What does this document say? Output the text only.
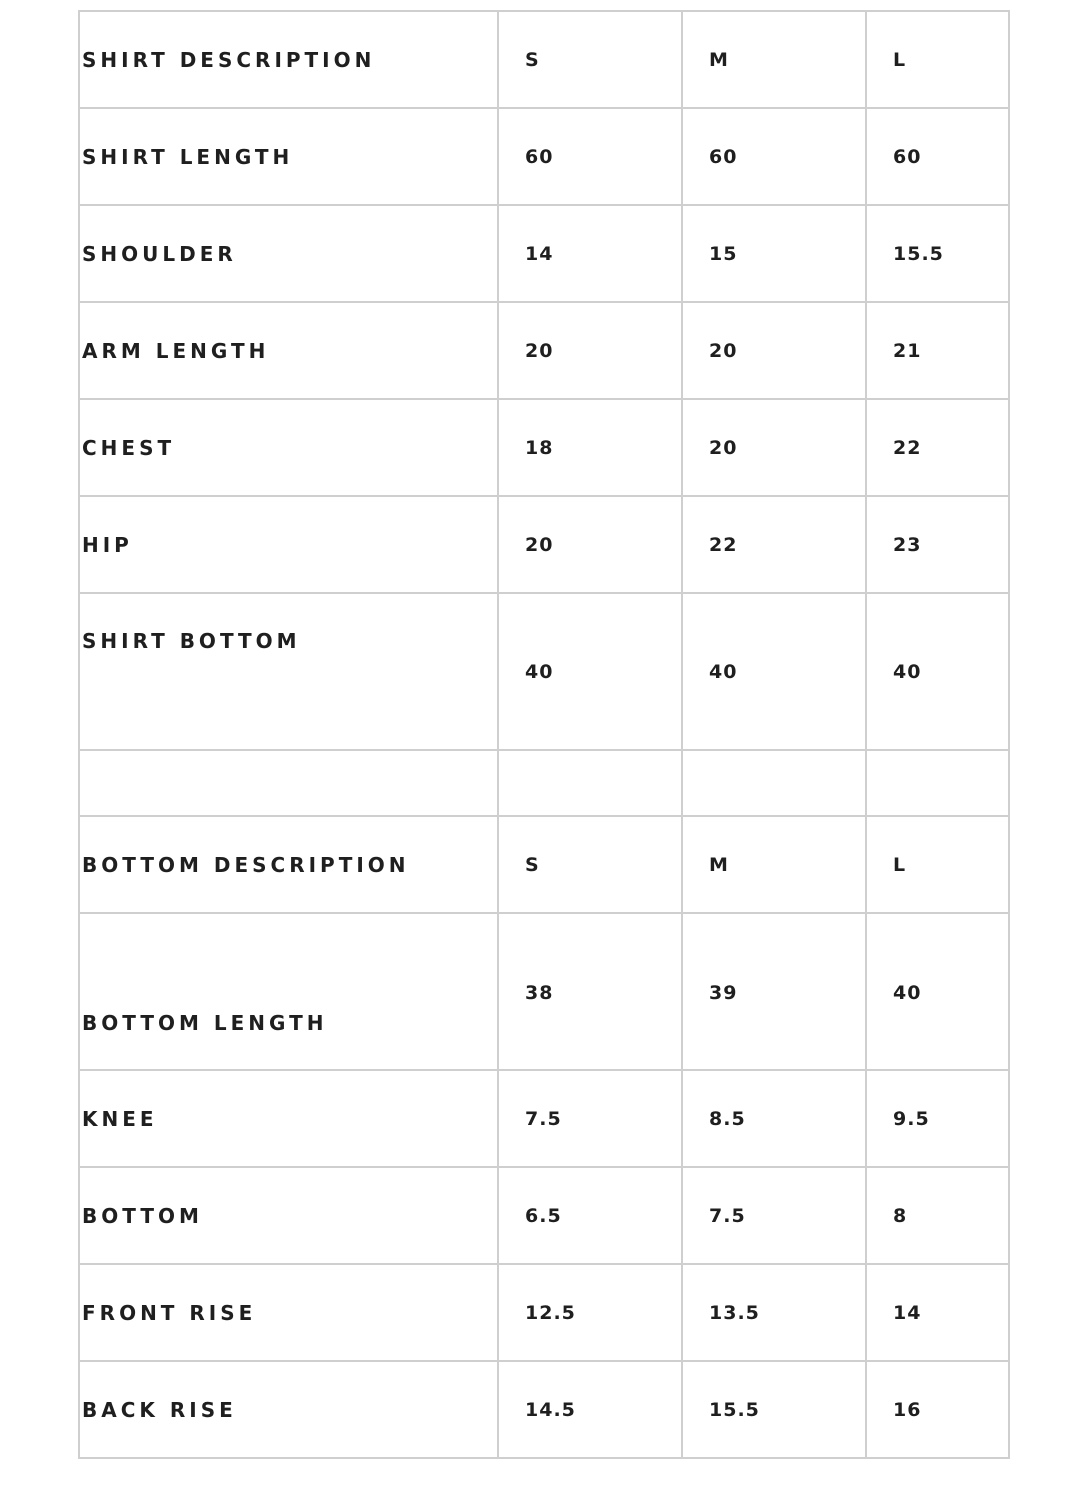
SHIRT DESCRIPTION	S	M	L

SHIRT LENGTH	60	60	60

SHOULDER	14	15	15.5

ARM LENGTH	20	20	21

CHEST	18	20	22

HIP	20	22	23

SHIRT BOTTOM	40	40	40

BOTTOM DESCRIPTION	S	M	L

BOTTOM LENGTH	38	39	40

KNEE	7.5	8.5	9.5

BOTTOM	6.5	7.5	8

FRONT RISE	12.5	13.5	14

BACK RISE	14.5	15.5	16
